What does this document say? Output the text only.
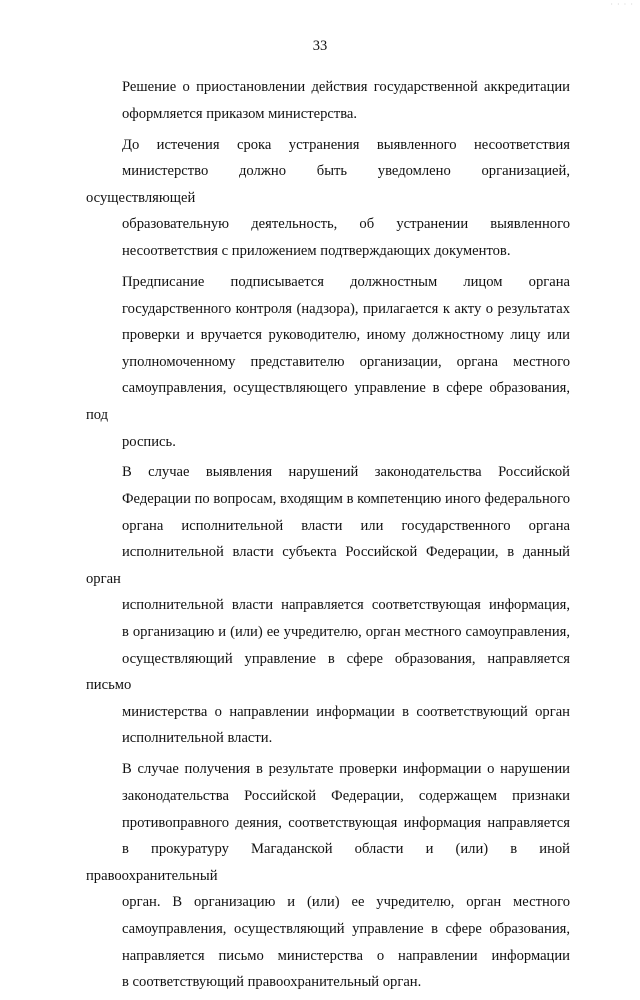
· · · ·
33

Решение о приостановлении действия государственной аккредитации
оформляется приказом министерства.

До истечения срока устранения выявленного несоответствия
министерство должно быть уведомлено организацией, осуществляющей
образовательную деятельность, об устранении выявленного
несоответствия с приложением подтверждающих документов.

Предписание подписывается должностным лицом органа
государственного контроля (надзора), прилагается к акту о результатах
проверки и вручается руководителю, иному должностному лицу или
уполномоченному представителю организации, органа местного
самоуправления, осуществляющего управление в сфере образования, под
роспись.

В случае выявления нарушений законодательства Российской
Федерации по вопросам, входящим в компетенцию иного федерального
органа исполнительной власти или государственного органа
исполнительной власти субъекта Российской Федерации, в данный орган
исполнительной власти направляется соответствующая информация,
в организацию и (или) ее учредителю, орган местного самоуправления,
осуществляющий управление в сфере образования, направляется письмо
министерства о направлении информации в соответствующий орган
исполнительной власти.

В случае получения в результате проверки информации о нарушении
законодательства Российской Федерации, содержащем признаки
противоправного деяния, соответствующая информация направляется
в прокуратуру Магаданской области и (или) в иной правоохранительный
орган. В организацию и (или) ее учредителю, орган местного
самоуправления, осуществляющий управление в сфере образования,
направляется письмо министерства о направлении информации
в соответствующий правоохранительный орган.
